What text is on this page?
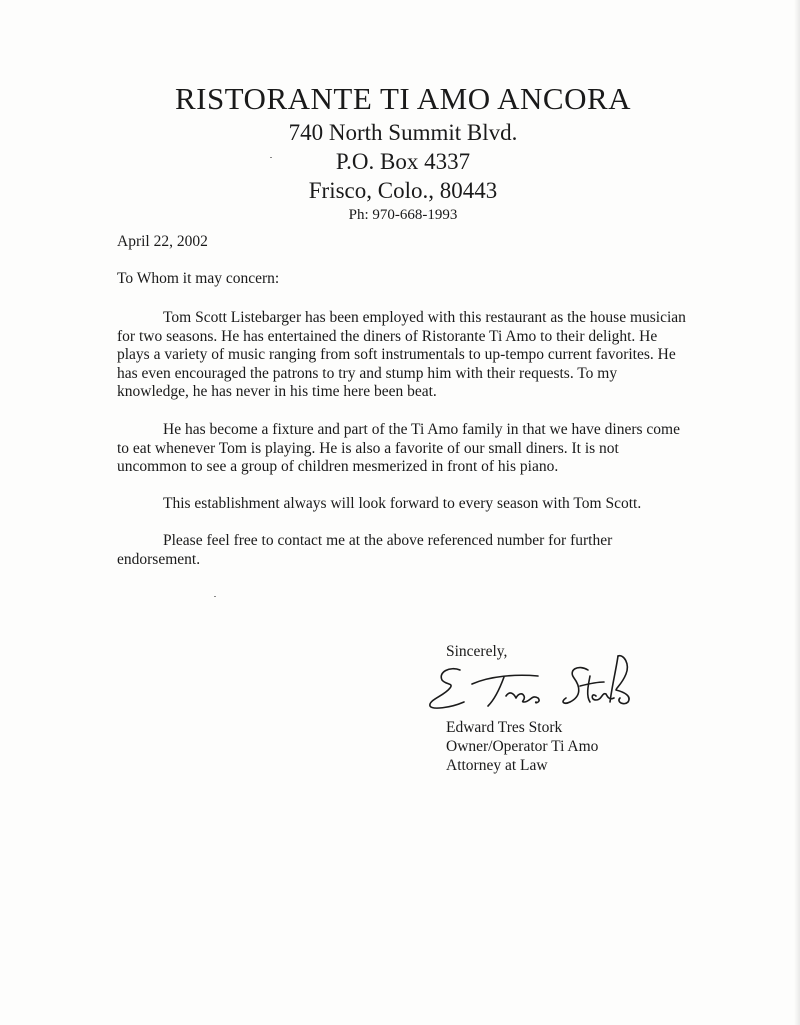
RISTORANTE TI AMO ANCORA

740 North Summit Blvd.

P.O. Box 4337

Frisco, Colo., 80443

Ph: 970-668-1993

April 22, 2002

To Whom it may concern:

Tom Scott Listebarger has been employed with this restaurant as the house musician for two seasons. He has entertained the diners of Ristorante Ti Amo to their delight. He plays a variety of music ranging from soft instrumentals to up-tempo current favorites. He has even encouraged the patrons to try and stump him with their requests. To my knowledge, he has never in his time here been beat.

He has become a fixture and part of the Ti Amo family in that we have diners come to eat whenever Tom is playing. He is also a favorite of our small diners. It is not uncommon to see a group of children mesmerized in front of his piano.

This establishment always will look forward to every season with Tom Scott.

Please feel free to contact me at the above referenced number for further endorsement.

Sincerely,
Edward Tres Stork
Owner/Operator Ti Amo
Attorney at Law
